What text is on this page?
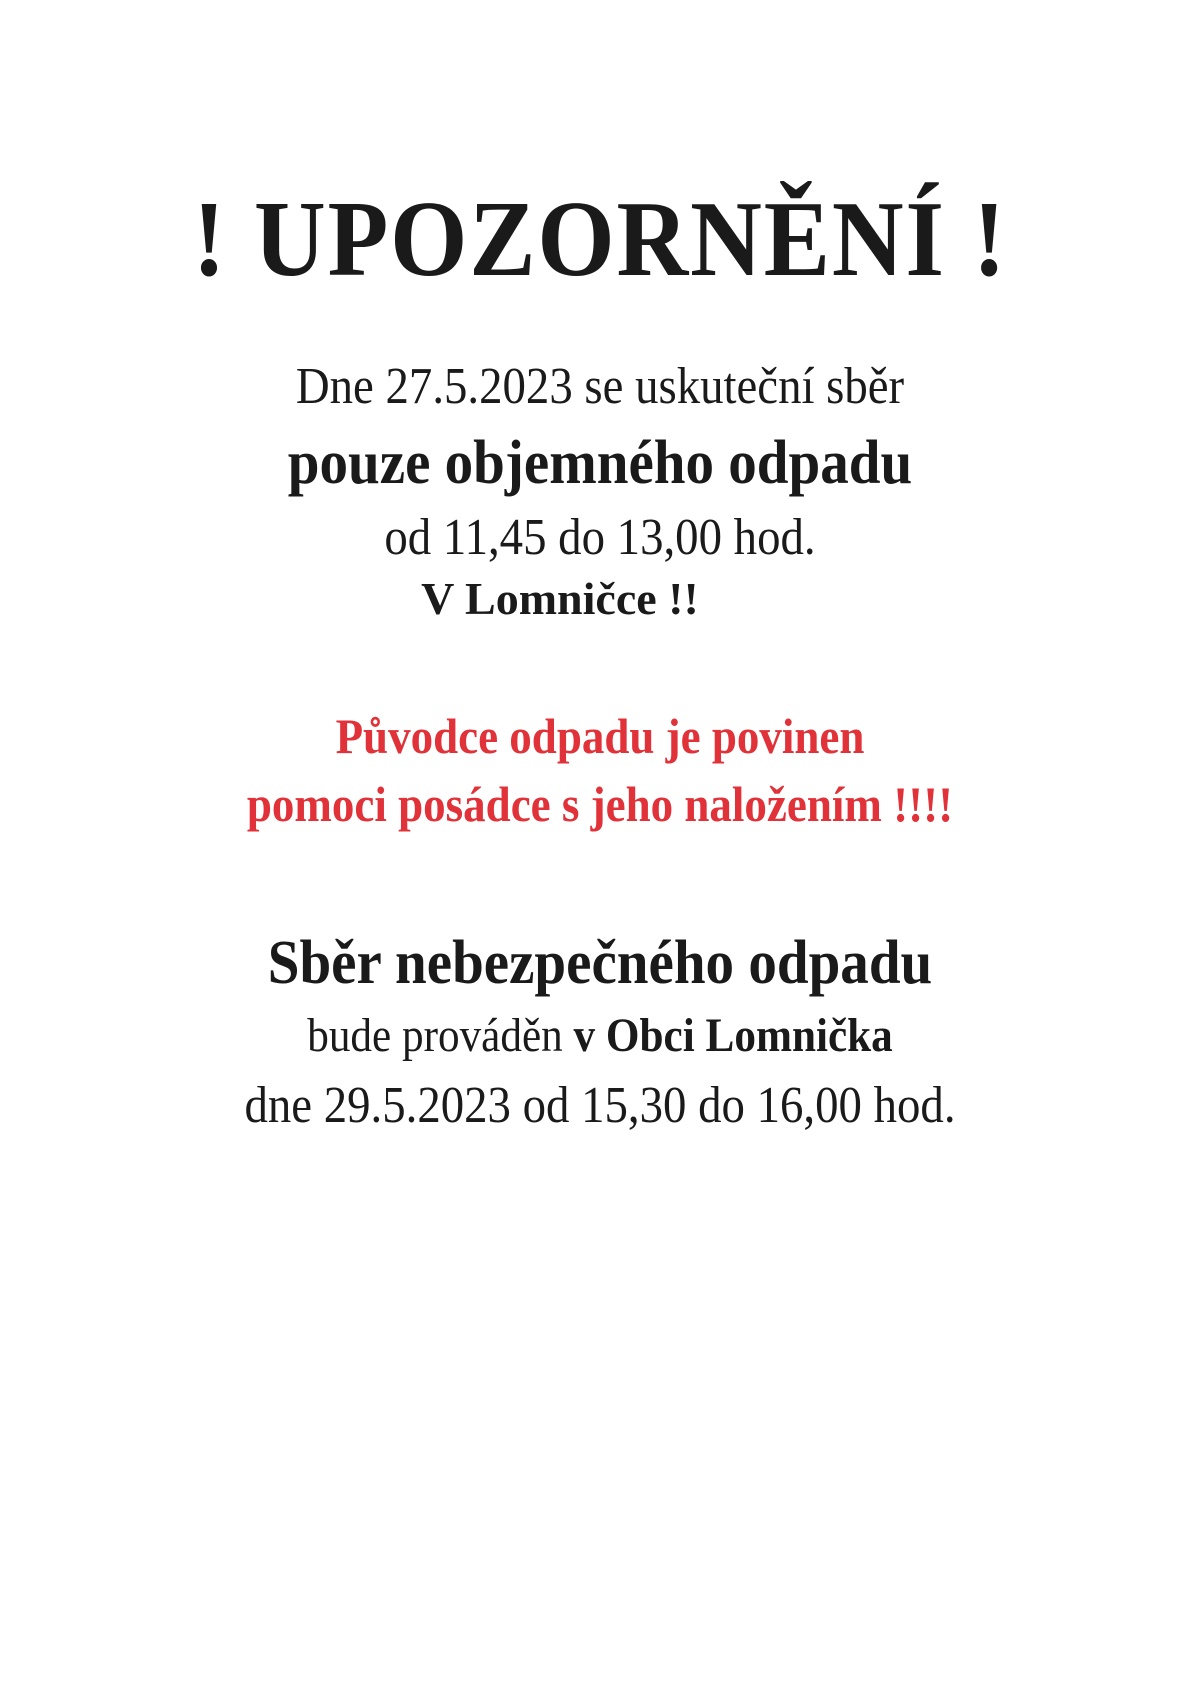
! UPOZORNĚNÍ !
Dne 27.5.2023 se uskuteční sběr
pouze objemného odpadu
od 11,45 do 13,00 hod.
V Lomničce !!
Původce odpadu je povinen
pomoci posádce s jeho naložením !!!!
Sběr nebezpečného odpadu
bude prováděn v Obci Lomnička
dne 29.5.2023 od 15,30 do 16,00 hod.
